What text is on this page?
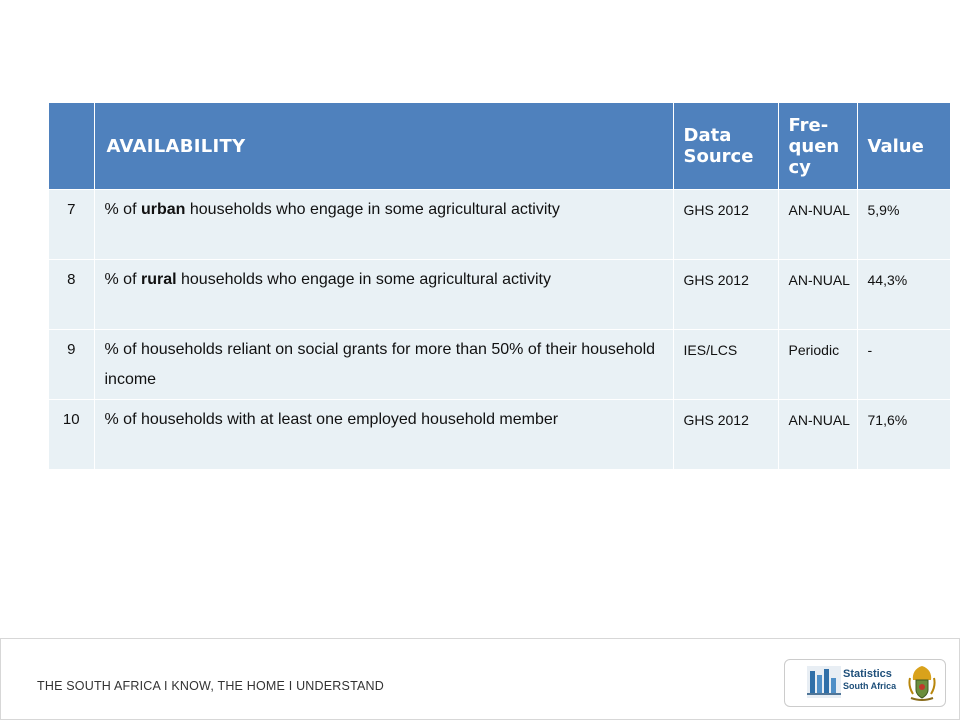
	AVAILABILITY	Data Source	Fre-quen cy	Value
7	% of urban households who engage in some agricultural activity	GHS 2012	AN-NUAL	5,9%
8	% of rural households who engage in some agricultural activity	GHS 2012	AN-NUAL	44,3%
9	% of households reliant on social grants for more than 50% of their household income	IES/LCS	Periodic	-
10	% of households with at least one employed household member	GHS 2012	AN-NUAL	71,6%
THE SOUTH AFRICA I KNOW, THE HOME I UNDERSTAND
Statistics
South Africa
